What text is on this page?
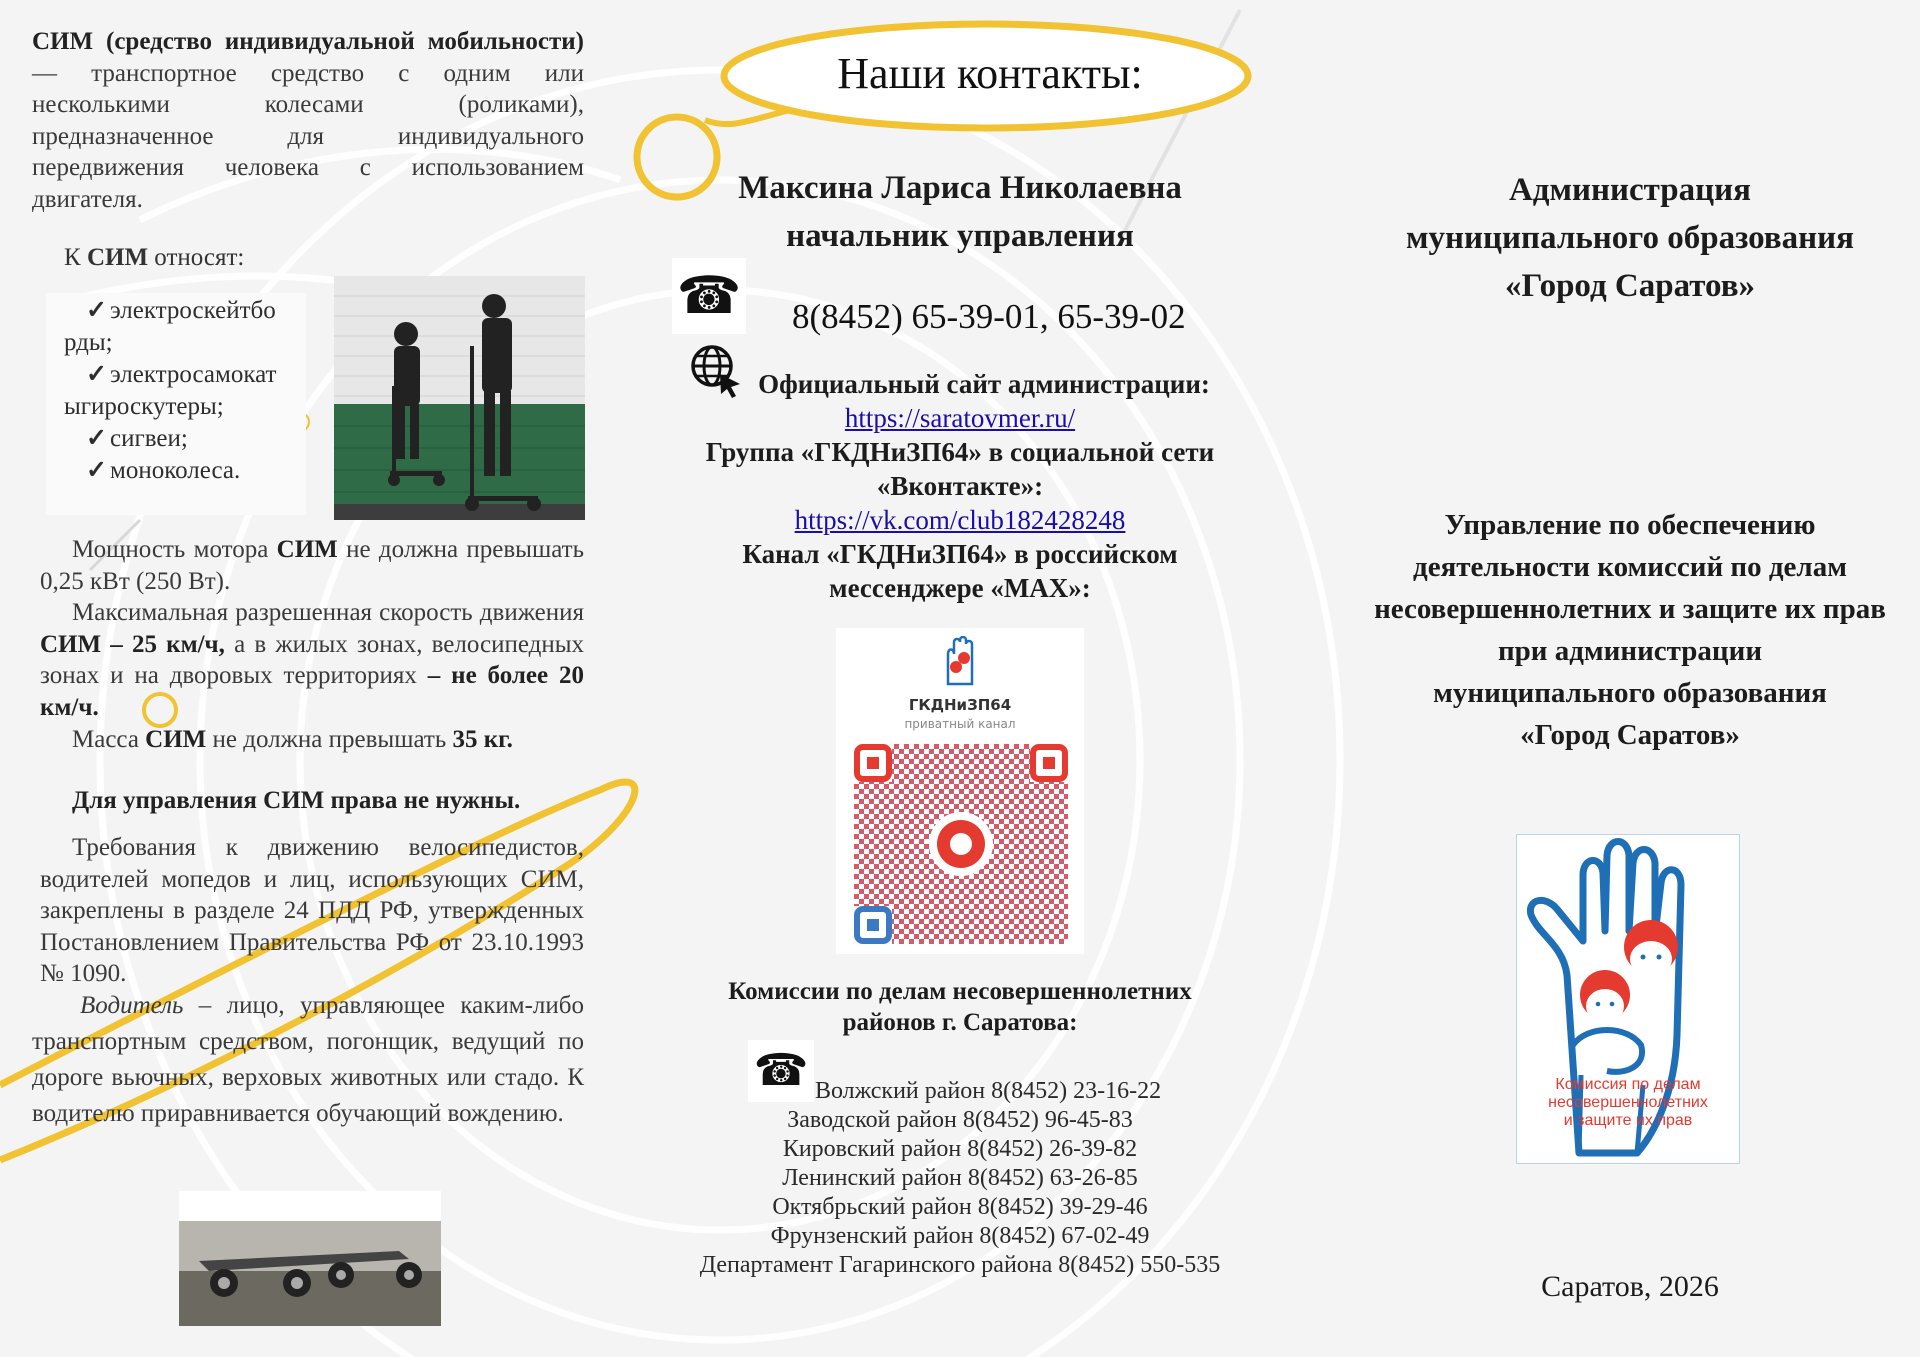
СИМ (средство индивидуальной мобильности) — транспортное средство с одним или несколькими колесами (роликами), предназначенное для индивидуального передвижения человека с использованием двигателя.

К СИМ относят:

✓ электроскейтбо рды;
✓ электросамокат ыгироскутеры;
✓ сигвеи;
✓ моноколеса.

Мощность мотора СИМ не должна превышать 0,25 кВт (250 Вт).

Максимальная разрешенная скорость движения СИМ – 25 км/ч, а в жилых зонах, велосипедных зонах и на дворовых территориях – не более 20 км/ч.

Масса СИМ не должна превышать 35 кг.

Для управления СИМ права не нужны.

Требования к движению велосипедистов, водителей мопедов и лиц, использующих СИМ, закреплены в разделе 24 ПДД РФ, утвержденных Постановлением Правительства РФ от 23.10.1993 № 1090.

Водитель – лицо, управляющее каким-либо транспортным средством, погонщик, ведущий по дороге вьючных, верховых животных или стадо. К водителю приравнивается обучающий вождению.

Наши контакты:
Максина Лариса Николаевна
начальник управления
☎ 8(8452) 65-39-01, 65-39-02
Официальный сайт администрации:
https://saratovmer.ru/
Группа «ГКДНиЗП64» в социальной сети
«Вконтакте»:
https://vk.com/club182428248
Канал «ГКДНиЗП64» в российском
мессенджере «MAX»:
ГКДНиЗП64
приватный канал
Комиссии по делам несовершеннолетних
районов г. Саратова:
☎ Волжский район 8(8452) 23-16-22
Заводской район 8(8452) 96-45-83
Кировский район 8(8452) 26-39-82
Ленинский район 8(8452) 63-26-85
Октябрьский район 8(8452) 39-29-46
Фрунзенский район 8(8452) 67-02-49
Департамент Гагаринского района 8(8452) 550-535
Администрация
муниципального образования
«Город Саратов»
Управление по обеспечению
деятельности комиссий по делам
несовершеннолетних и защите их прав
при администрации
муниципального образования
«Город Саратов»
Комиссия по делам
несовершеннолетних
и защите их прав
Саратов, 2026
